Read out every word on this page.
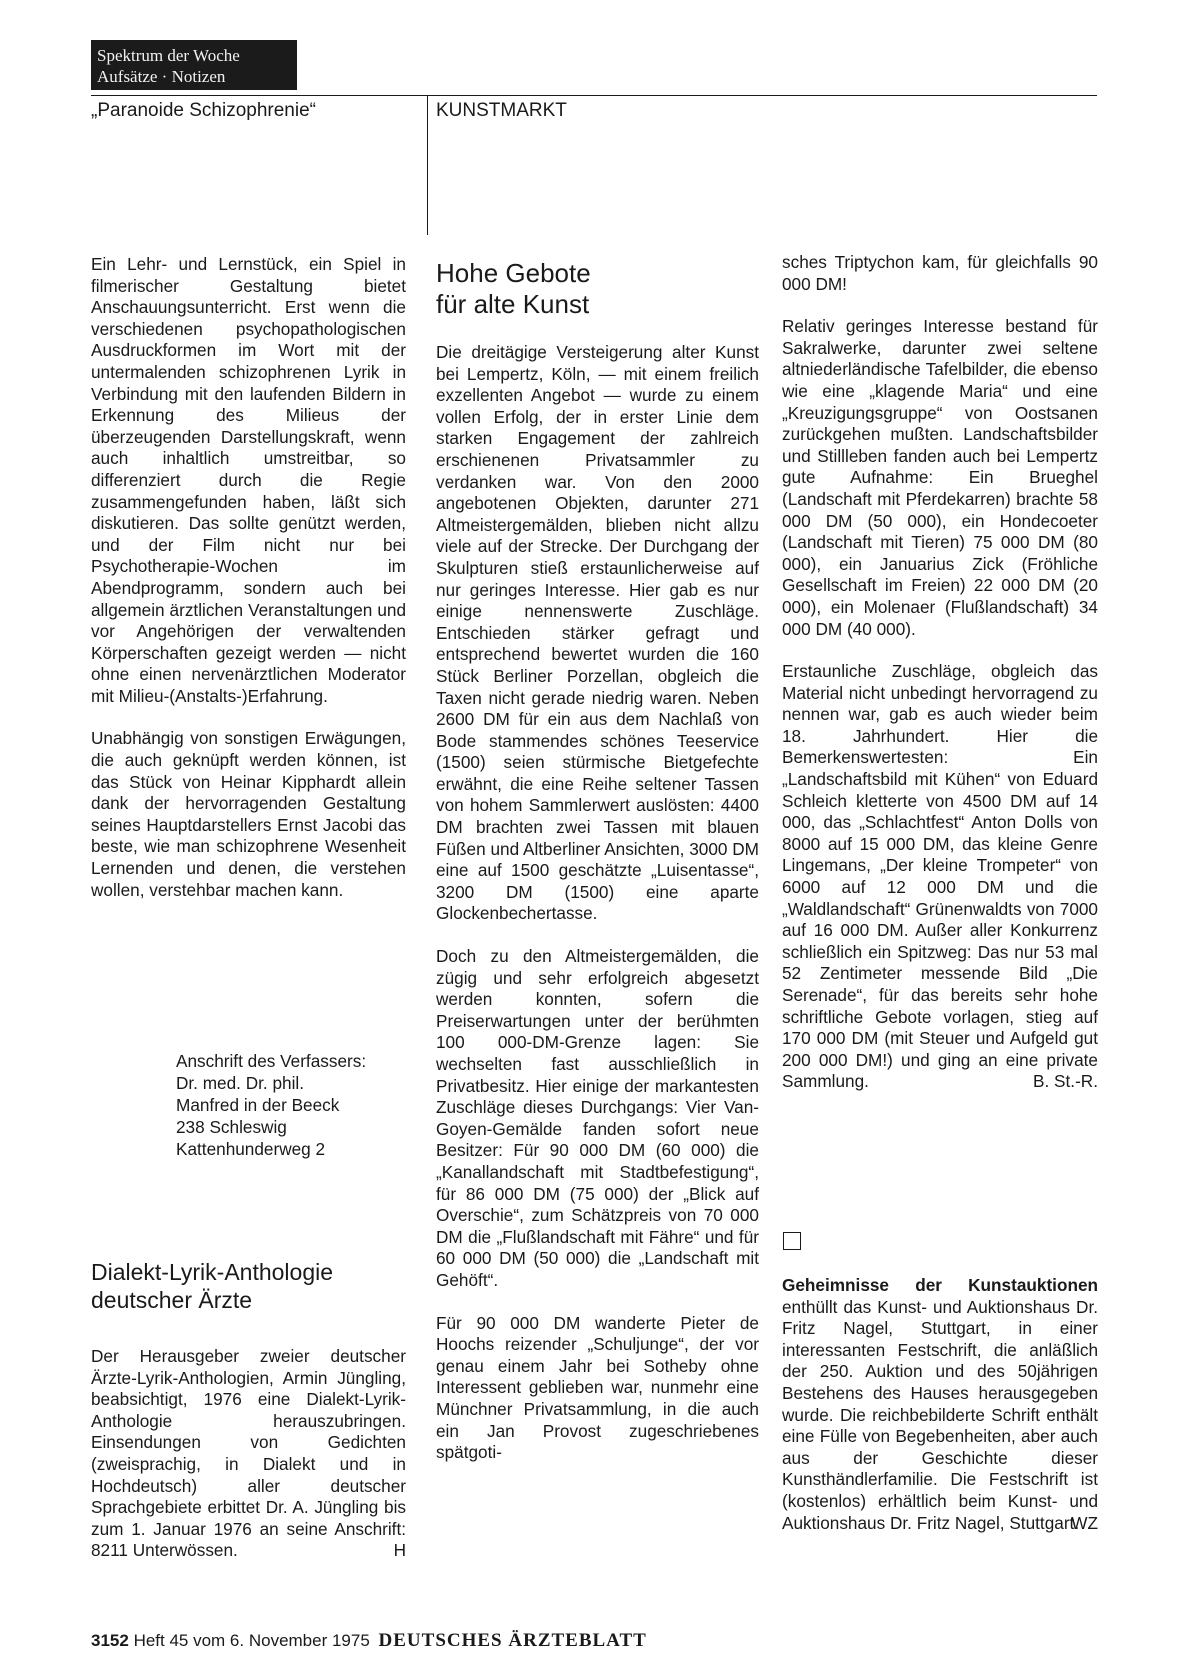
Spektrum der Woche
Aufsätze · Notizen
„Paranoide Schizophrenie“	KUNSTMARKT

Ein Lehr- und Lernstück, ein Spiel in filmerischer Gestaltung bietet Anschauungsunterricht. Erst wenn die verschiedenen psychopathologischen Ausdruckformen im Wort mit der untermalenden schizophrenen Lyrik in Verbindung mit den laufenden Bildern in Erkennung des Milieus der überzeugenden Darstellungskraft, wenn auch inhaltlich umstreitbar, so differenziert durch die Regie zusammengefunden haben, läßt sich diskutieren. Das sollte genützt werden, und der Film nicht nur bei Psychotherapie-Wochen im Abendprogramm, sondern auch bei allgemein ärztlichen Veranstaltungen und vor Angehörigen der verwaltenden Körperschaften gezeigt werden — nicht ohne einen nervenärztlichen Moderator mit Milieu-(Anstalts-)Erfahrung.

Unabhängig von sonstigen Erwägungen, die auch geknüpft werden können, ist das Stück von Heinar Kipphardt allein dank der hervorragenden Gestaltung seines Hauptdarstellers Ernst Jacobi das beste, wie man schizophrene Wesenheit Lernenden und denen, die verstehen wollen, verstehbar machen kann.

Anschrift des Verfassers:
Dr. med. Dr. phil.
Manfred in der Beeck
238 Schleswig
Kattenhunderweg 2
Dialekt-Lyrik-Anthologie
deutscher Ärzte

Der Herausgeber zweier deutscher Ärzte-Lyrik-Anthologien, Armin Jüngling, beabsichtigt, 1976 eine Dialekt-Lyrik-Anthologie herauszubringen. Einsendungen von Gedichten (zweisprachig, in Dialekt und in Hochdeutsch) aller deutscher Sprachgebiete erbittet Dr. A. Jüngling bis zum 1. Januar 1976 an seine Anschrift: 8211 Unterwössen.	H
Hohe Gebote
für alte Kunst

Die dreitägige Versteigerung alter Kunst bei Lempertz, Köln, — mit einem freilich exzellenten Angebot — wurde zu einem vollen Erfolg, der in erster Linie dem starken Engagement der zahlreich erschienenen Privatsammler zu verdanken war. Von den 2000 angebotenen Objekten, darunter 271 Altmeistergemälden, blieben nicht allzu viele auf der Strecke. Der Durchgang der Skulpturen stieß erstaunlicherweise auf nur geringes Interesse. Hier gab es nur einige nennenswerte Zuschläge. Entschieden stärker gefragt und entsprechend bewertet wurden die 160 Stück Berliner Porzellan, obgleich die Taxen nicht gerade niedrig waren. Neben 2600 DM für ein aus dem Nachlaß von Bode stammendes schönes Teeservice (1500) seien stürmische Bietgefechte erwähnt, die eine Reihe seltener Tassen von hohem Sammlerwert auslösten: 4400 DM brachten zwei Tassen mit blauen Füßen und Altberliner Ansichten, 3000 DM eine auf 1500 geschätzte „Luisentasse“, 3200 DM (1500) eine aparte Glockenbechertasse.

Doch zu den Altmeistergemälden, die zügig und sehr erfolgreich abgesetzt werden konnten, sofern die Preiserwartungen unter der berühmten 100 000-DM-Grenze lagen: Sie wechselten fast ausschließlich in Privatbesitz. Hier einige der markantesten Zuschläge dieses Durchgangs: Vier Van-Goyen-Gemälde fanden sofort neue Besitzer: Für 90 000 DM (60 000) die „Kanallandschaft mit Stadtbefestigung“, für 86 000 DM (75 000) der „Blick auf Overschie“, zum Schätzpreis von 70 000 DM die „Flußlandschaft mit Fähre“ und für 60 000 DM (50 000) die „Landschaft mit Gehöft“.

Für 90 000 DM wanderte Pieter de Hoochs reizender „Schuljunge“, der vor genau einem Jahr bei Sotheby ohne Interessent geblieben war, nunmehr eine Münchner Privatsammlung, in die auch ein Jan Provost zugeschriebenes spätgoti-

sches Triptychon kam, für gleichfalls 90 000 DM!

Relativ geringes Interesse bestand für Sakralwerke, darunter zwei seltene altniederländische Tafelbilder, die ebenso wie eine „klagende Maria“ und eine „Kreuzigungsgruppe“ von Oostsanen zurückgehen mußten. Landschaftsbilder und Stillleben fanden auch bei Lempertz gute Aufnahme: Ein Brueghel (Landschaft mit Pferdekarren) brachte 58 000 DM (50 000), ein Hondecoeter (Landschaft mit Tieren) 75 000 DM (80 000), ein Januarius Zick (Fröhliche Gesellschaft im Freien) 22 000 DM (20 000), ein Molenaer (Flußlandschaft) 34 000 DM (40 000).

Erstaunliche Zuschläge, obgleich das Material nicht unbedingt hervorragend zu nennen war, gab es auch wieder beim 18. Jahrhundert. Hier die Bemerkenswertesten: Ein „Landschaftsbild mit Kühen“ von Eduard Schleich kletterte von 4500 DM auf 14 000, das „Schlachtfest“ Anton Dolls von 8000 auf 15 000 DM, das kleine Genre Lingemans, „Der kleine Trompeter“ von 6000 auf 12 000 DM und die „Waldlandschaft“ Grünenwaldts von 7000 auf 16 000 DM. Außer aller Konkurrenz schließlich ein Spitzweg: Das nur 53 mal 52 Zentimeter messende Bild „Die Serenade“, für das bereits sehr hohe schriftliche Gebote vorlagen, stieg auf 170 000 DM (mit Steuer und Aufgeld gut 200 000 DM!) und ging an eine private Sammlung.	B. St.-R.

Geheimnisse der Kunstauktionen enthüllt das Kunst- und Auktionshaus Dr. Fritz Nagel, Stuttgart, in einer interessanten Festschrift, die anläßlich der 250. Auktion und des 50jährigen Bestehens des Hauses herausgegeben wurde. Die reichbebilderte Schrift enthält eine Fülle von Begebenheiten, aber auch aus der Geschichte dieser Kunsthändlerfamilie. Die Festschrift ist (kostenlos) erhältlich beim Kunst- und Auktionshaus Dr. Fritz Nagel, Stuttgart.

WZ
3152 Heft 45 vom 6. November 1975 DEUTSCHES ÄRZTEBLATT
